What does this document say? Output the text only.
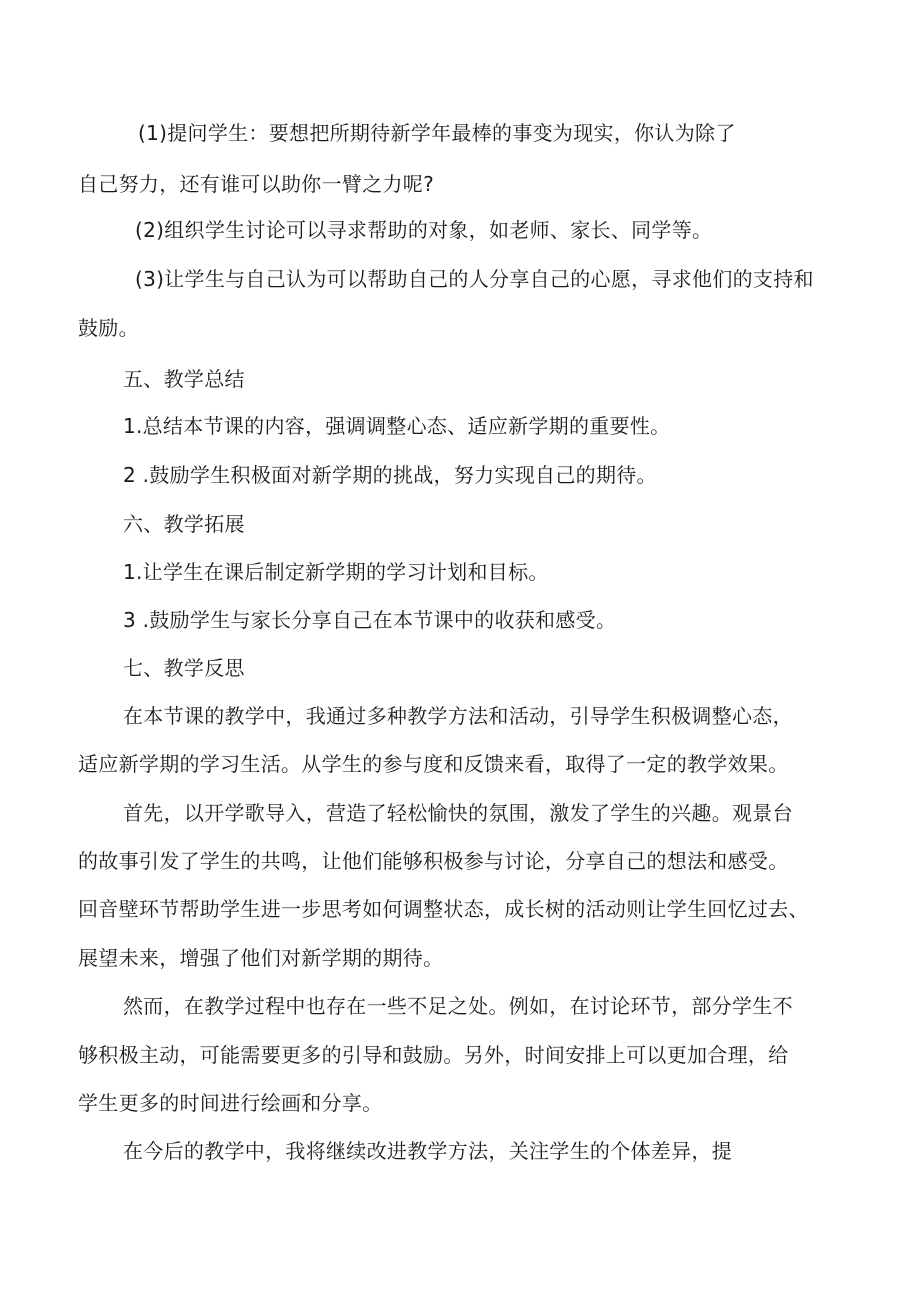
(1)提问学生：要想把所期待新学年最棒的事变为现实，你认为除了
自己努力，还有谁可以助你一臂之力呢?
(2)组织学生讨论可以寻求帮助的对象，如老师、家长、同学等。
(3)让学生与自己认为可以帮助自己的人分享自己的心愿，寻求他们的支持和
鼓励。
五、教学总结
1.总结本节课的内容，强调调整心态、适应新学期的重要性。
2 .鼓励学生积极面对新学期的挑战，努力实现自己的期待。
六、教学拓展
1.让学生在课后制定新学期的学习计划和目标。
3 .鼓励学生与家长分享自己在本节课中的收获和感受。
七、教学反思
在本节课的教学中，我通过多种教学方法和活动，引导学生积极调整心态，
适应新学期的学习生活。从学生的参与度和反馈来看，取得了一定的教学效果。
首先，以开学歌导入，营造了轻松愉快的氛围，激发了学生的兴趣。观景台
的故事引发了学生的共鸣，让他们能够积极参与讨论，分享自己的想法和感受。
回音壁环节帮助学生进一步思考如何调整状态，成长树的活动则让学生回忆过去、
展望未来，增强了他们对新学期的期待。
然而，在教学过程中也存在一些不足之处。例如，在讨论环节，部分学生不
够积极主动，可能需要更多的引导和鼓励。另外，时间安排上可以更加合理，给
学生更多的时间进行绘画和分享。
在今后的教学中，我将继续改进教学方法，关注学生的个体差异，提
